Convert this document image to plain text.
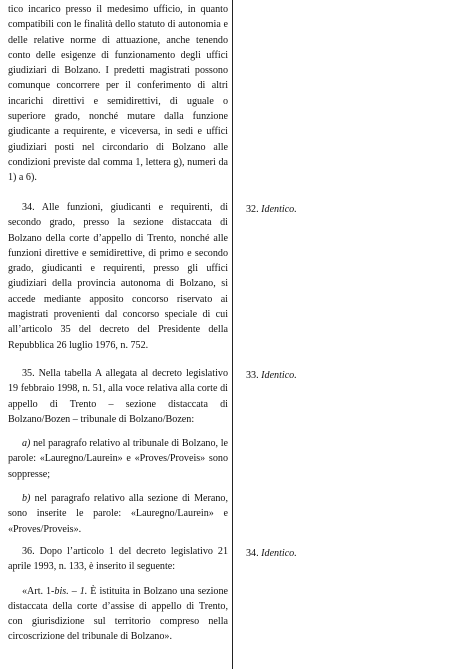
tico incarico presso il medesimo ufficio, in quanto compatibili con le finalità dello statuto di autonomia e delle relative norme di attuazione, anche tenendo conto delle esigenze di funzionamento degli uffici giudiziari di Bolzano. I predetti magistrati possono comunque concorrere per il conferimento di altri incarichi direttivi e semidirettivi, di uguale o superiore grado, nonché mutare dalla funzione giudicante a requirente, e viceversa, in sedi e uffici giudiziari posti nel circondario di Bolzano alle condizioni previste dal comma 1, lettera g), numeri da 1) a 6).

34. Alle funzioni, giudicanti e requirenti, di secondo grado, presso la sezione distaccata di Bolzano della corte d’appello di Trento, nonché alle funzioni direttive e semidirettive, di primo e secondo grado, giudicanti e requirenti, presso gli uffici giudiziari della provincia autonoma di Bolzano, si accede mediante apposito concorso riservato ai magistrati provenienti dal concorso speciale di cui all’articolo 35 del decreto del Presidente della Repubblica 26 luglio 1976, n. 752.

35. Nella tabella A allegata al decreto legislativo 19 febbraio 1998, n. 51, alla voce relativa alla corte di appello di Trento – sezione distaccata di Bolzano/Bozen – tribunale di Bolzano/Bozen:

a) nel paragrafo relativo al tribunale di Bolzano, le parole: «Lauregno/Laurein» e «Proves/Proveis» sono soppresse;

b) nel paragrafo relativo alla sezione di Merano, sono inserite le parole: «Lauregno/Laurein» e «Proves/Proveis».

36. Dopo l’articolo 1 del decreto legislativo 21 aprile 1993, n. 133, è inserito il seguente:

«Art. 1-bis. – 1. È istituita in Bolzano una sezione distaccata della corte d’assise di appello di Trento, con giurisdizione sul territorio compreso nella circoscrizione del tribunale di Bolzano».

32. Identico.
33. Identico.
34. Identico.
